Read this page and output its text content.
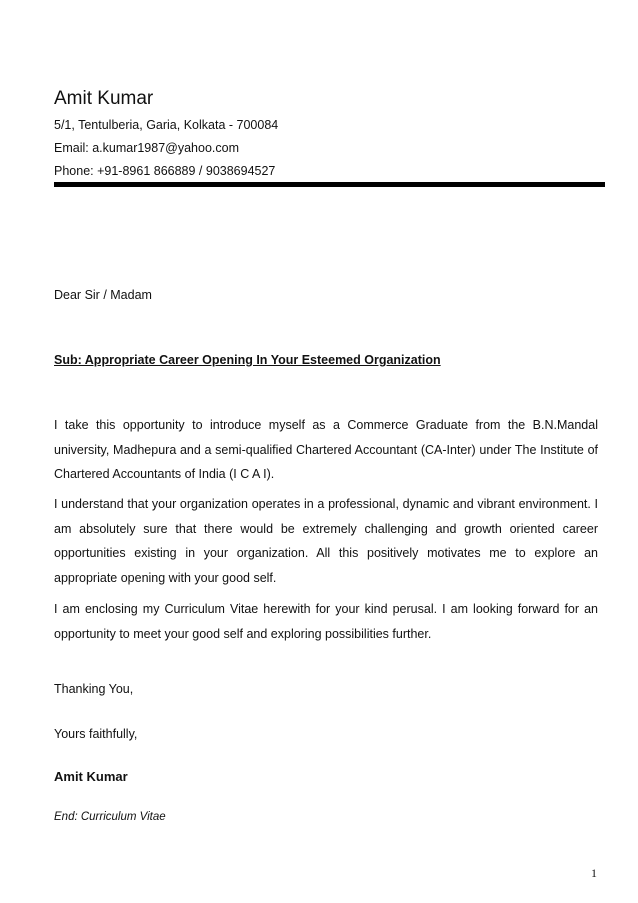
Amit Kumar
5/1, Tentulberia, Garia, Kolkata - 700084
Email: a.kumar1987@yahoo.com
Phone: +91-8961 866889 / 9038694527
Dear Sir / Madam
Sub: Appropriate Career Opening In Your Esteemed Organization
I take this opportunity to introduce myself as a Commerce Graduate from the B.N.Mandal university, Madhepura and a semi-qualified Chartered Accountant (CA-Inter) under The Institute of Chartered Accountants of India (I C A I).
I understand that your organization operates in a professional, dynamic and vibrant environment. I am absolutely sure that there would be extremely challenging and growth oriented career opportunities existing in your organization. All this positively motivates me to explore an appropriate opening with your good self.
I am enclosing my Curriculum Vitae herewith for your kind perusal. I am looking forward for an opportunity to meet your good self and exploring possibilities further.
Thanking You,
Yours faithfully,
Amit Kumar
End: Curriculum Vitae
1
